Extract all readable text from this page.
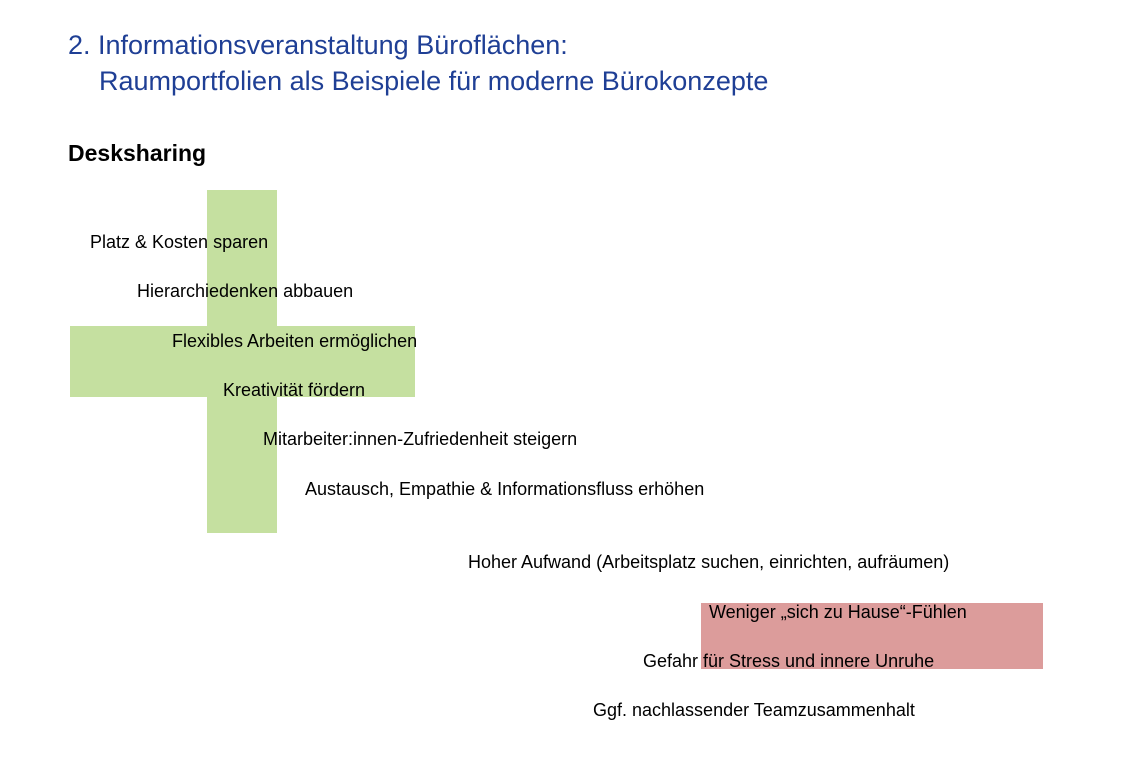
2. Informationsveranstaltung Büroflächen:
Raumportfolien als Beispiele für moderne Bürokonzepte
Desksharing
Platz & Kosten sparen
Hierarchiedenken abbauen
Flexibles Arbeiten ermöglichen
Kreativität fördern
Mitarbeiter:innen-Zufriedenheit steigern
Austausch, Empathie & Informationsfluss erhöhen
Hoher Aufwand (Arbeitsplatz suchen, einrichten, aufräumen)
Weniger „sich zu Hause“-Fühlen
Gefahr für Stress und innere Unruhe
Ggf. nachlassender Teamzusammenhalt
